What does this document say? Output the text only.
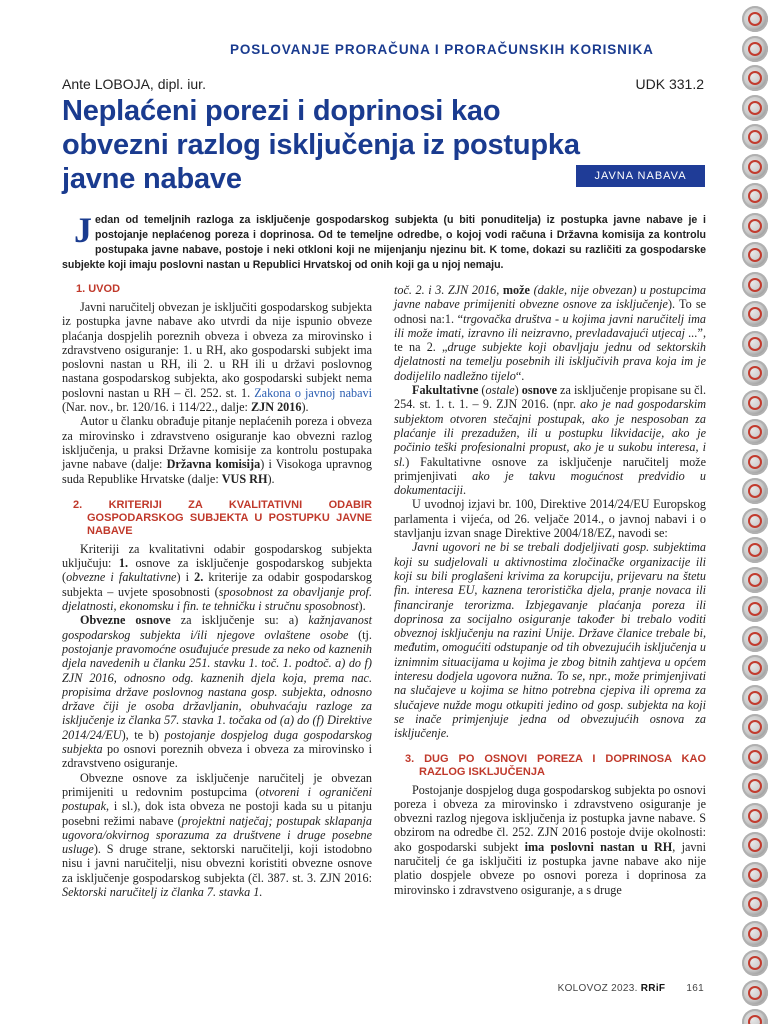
POSLOVANJE PRORAČUNA I PRORAČUNSKIH KORISNIKA
Ante LOBOJA, dipl. iur.	UDK 331.2
Neplaćeni porezi i doprinosi kao obvezni razlog isključenja iz postupka javne nabave	JAVNA NABAVA
Jedan od temeljnih razloga za isključenje gospodarskog subjekta (u biti ponuditelja) iz postupka javne nabave je i postojanje neplaćenog poreza i doprinosa. Od te temeljne odredbe, o kojoj vodi računa i Državna komisija za kontrolu postupaka javne nabave, postoje i neki otkloni koji ne mijenjanju njezinu bit. K tome, dokazi su različiti za gospodarske subjekte koji imaju poslovni nastan u Republici Hrvatskoj od onih koji ga u njoj nemaju.
1. UVOD

Javni naručitelj obvezan je isključiti gospodarskog subjekta iz postupka javne nabave ako utvrdi da nije ispunio obveze plaćanja dospjelih poreznih obveza i obveza za mirovinsko i zdravstveno osiguranje: 1. u RH, ako gospodarski subjekt ima poslovni nastan u RH, ili 2. u RH ili u državi poslovnog nastana gospodarskog subjekta, ako gospodarski subjekt nema poslovni nastan u RH – čl. 252. st. 1. Zakona o javnoj nabavi (Nar. nov., br. 120/16. i 114/22., dalje: ZJN 2016).

Autor u članku obrađuje pitanje neplaćenih poreza i obveza za mirovinsko i zdravstveno osiguranje kao obvezni razlog isključenja, u praksi Državne komisije za kontrolu postupaka javne nabave (dalje: Državna komisija) i Visokoga upravnog suda Republike Hrvatske (dalje: VUS RH).

2. KRITERIJI ZA KVALITATIVNI ODABIR GOSPODARSKOG SUBJEKTA U POSTUPKU JAVNE NABAVE

Kriteriji za kvalitativni odabir gospodarskog subjekta uključuju: 1. osnove za isključenje gospodarskog subjekta (obvezne i fakultativne) i 2. kriterije za odabir gospodarskog subjekta – uvjete sposobnosti (sposobnost za obavljanje prof. djelatnosti, ekonomsku i fin. te tehničku i stručnu sposobnost).

Obvezne osnove za isključenje su: a) kažnjavanost gospodarskog subjekta i/ili njegove ovlaštene osobe (tj. postojanje pravomoćne osuđujuće presude za neko od kaznenih djela navedenih u članku 251. stavku 1. toč. 1. podtoč. a) do f) ZJN 2016, odnosno odg. kaznenih djela koja, prema nac. propisima države poslovnog nastana gosp. subjekta, odnosno države čiji je osoba državljanin, obuhvaćaju razloge za isključenje iz članka 57. stavka 1. točaka od (a) do (f) Direktive 2014/24/EU), te b) postojanje dospjelog duga gospodarskog subjekta po osnovi poreznih obveza i obveza za mirovinsko i zdravstveno osiguranje.

Obvezne osnove za isključenje naručitelj je obvezan primijeniti u redovnim postupcima (otvoreni i ograničeni postupak, i sl.), dok ista obveza ne postoji kada su u pitanju posebni režimi nabave (projektni natječaj; postupak sklapanja ugovora/okvirnog sporazuma za društvene i druge posebne usluge). S druge strane, sektorski naručitelji, koji istodobno nisu i javni naručitelji, nisu obvezni koristiti obvezne osnove za isključenje gospodarskog subjekta (čl. 387. st. 3. ZJN 2016: Sektorski naručitelj iz članka 7. stavka 1.

toč. 2. i 3. ZJN 2016, može (dakle, nije obvezan) u postupcima javne nabave primijeniti obvezne osnove za isključenje). To se odnosi na:1. “trgovačka društva - u kojima javni naručitelj ima ili može imati, izravno ili neizravno, prevladavajući utjecaj ...”, te na 2. „druge subjekte koji obavljaju jednu od sektorskih djelatnosti na temelju posebnih ili isključivih prava koja im je dodijelilo nadležno tijelo“.

Fakultativne (ostale) osnove za isključenje propisane su čl. 254. st. 1. t. 1. – 9. ZJN 2016. (npr. ako je nad gospodarskim subjektom otvoren stečajni postupak, ako je nesposoban za plaćanje ili prezadužen, ili u postupku likvidacije, ako je počinio teški profesionalni propust, ako je u sukobu interesa, i sl.) Fakultativne osnove za isključenje naručitelj može primjenjivati ako je takvu mogućnost predvidio u dokumentaciji.

U uvodnoj izjavi br. 100, Direktive 2014/24/EU Europskog parlamenta i vijeća, od 26. veljače 2014., o javnoj nabavi i o stavljanju izvan snage Direktive 2004/18/EZ, navodi se:

Javni ugovori ne bi se trebali dodjeljivati gosp. subjektima koji su sudjelovali u aktivnostima zločinačke organizacije ili koji su bili proglašeni krivima za korupciju, prijevaru na štetu fin. interesa EU, kaznena teroristička djela, pranje novaca ili financiranje terorizma. Izbjegavanje plaćanja poreza ili doprinosa za socijalno osiguranje također bi trebalo voditi obveznoj isključenju na razini Unije. Države članice trebale bi, međutim, omogućiti odstupanje od tih obvezujućih isključenja u iznimnim situacijama u kojima je zbog bitnih zahtjeva u općem interesu dodjela ugovora nužna. To se, npr., može primjenjivati na slučajeve u kojima se hitno potrebna cjepiva ili oprema za slučajeve nužde mogu otkupiti jedino od gosp. subjekta na koji se inače primjenjuje jedna od obvezujućih osnova za isključenje.

3. DUG PO OSNOVI POREZA I DOPRINOSA KAO RAZLOG ISKLJUČENJA

Postojanje dospjelog duga gospodarskog subjekta po osnovi poreza i obveza za mirovinsko i zdravstveno osiguranje je obvezni razlog njegova isključenja iz postupka javne nabave. S obzirom na odredbe čl. 252. ZJN 2016 postoje dvije okolnosti: ako gospodarski subjekt ima poslovni nastan u RH, javni naručitelj će ga isključiti iz postupka javne nabave ako nije platio dospjele obveze po osnovi poreza i doprinosa za mirovinsko i zdravstveno osiguranje, a s druge

KOLOVOZ 2023. RRiF 161
